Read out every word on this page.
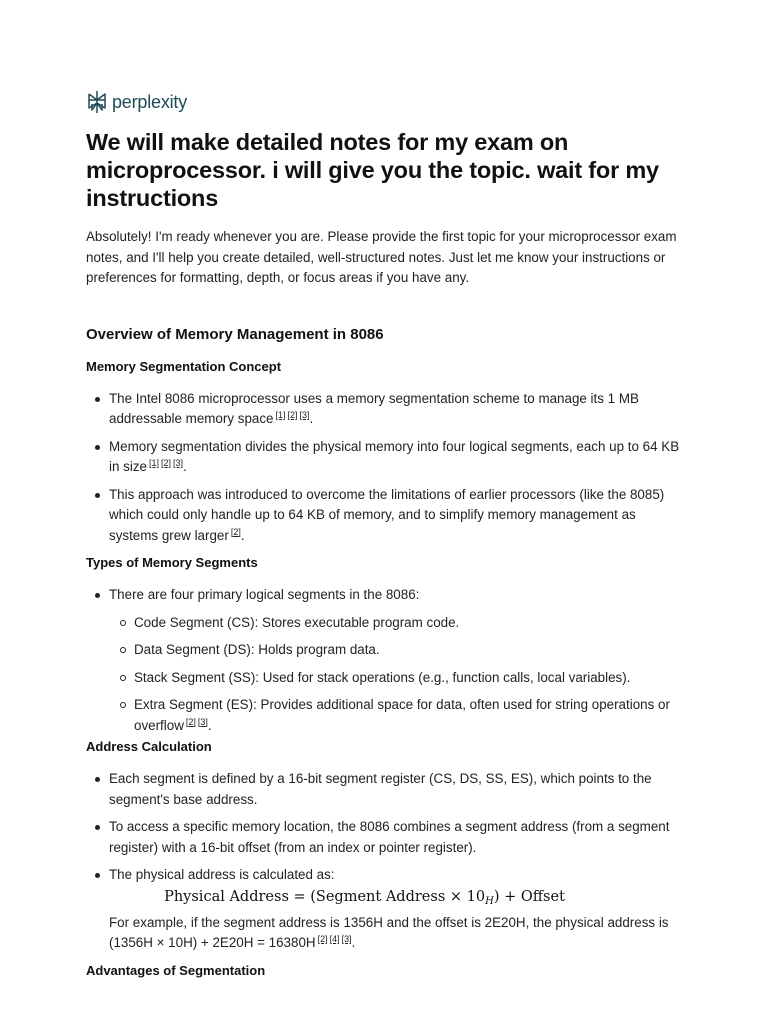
perplexity
We will make detailed notes for my exam on microprocessor. i will give you the topic. wait for my instructions

Absolutely! I'm ready whenever you are. Please provide the first topic for your microprocessor exam notes, and I'll help you create detailed, well-structured notes. Just let me know your instructions or preferences for formatting, depth, or focus areas if you have any.

Overview of Memory Management in 8086
Memory Segmentation Concept
The Intel 8086 microprocessor uses a memory segmentation scheme to manage its 1 MB addressable memory space [1] [2] [3].
Memory segmentation divides the physical memory into four logical segments, each up to 64 KB in size [1] [2] [3].
This approach was introduced to overcome the limitations of earlier processors (like the 8085) which could only handle up to 64 KB of memory, and to simplify memory management as systems grew larger [2].
Types of Memory Segments
There are four primary logical segments in the 8086:
Code Segment (CS): Stores executable program code.
Data Segment (DS): Holds program data.
Stack Segment (SS): Used for stack operations (e.g., function calls, local variables).
Extra Segment (ES): Provides additional space for data, often used for string operations or overflow [2] [3].
Address Calculation
Each segment is defined by a 16-bit segment register (CS, DS, SS, ES), which points to the segment's base address.
To access a specific memory location, the 8086 combines a segment address (from a segment register) with a 16-bit offset (from an index or pointer register).
The physical address is calculated as:
Physical Address = (Segment Address × $10_H$) + Offset
For example, if the segment address is 1356H and the offset is 2E20H, the physical address is (1356H × 10H) + 2E20H = 16380H [2] [4] [3].
Advantages of Segmentation
